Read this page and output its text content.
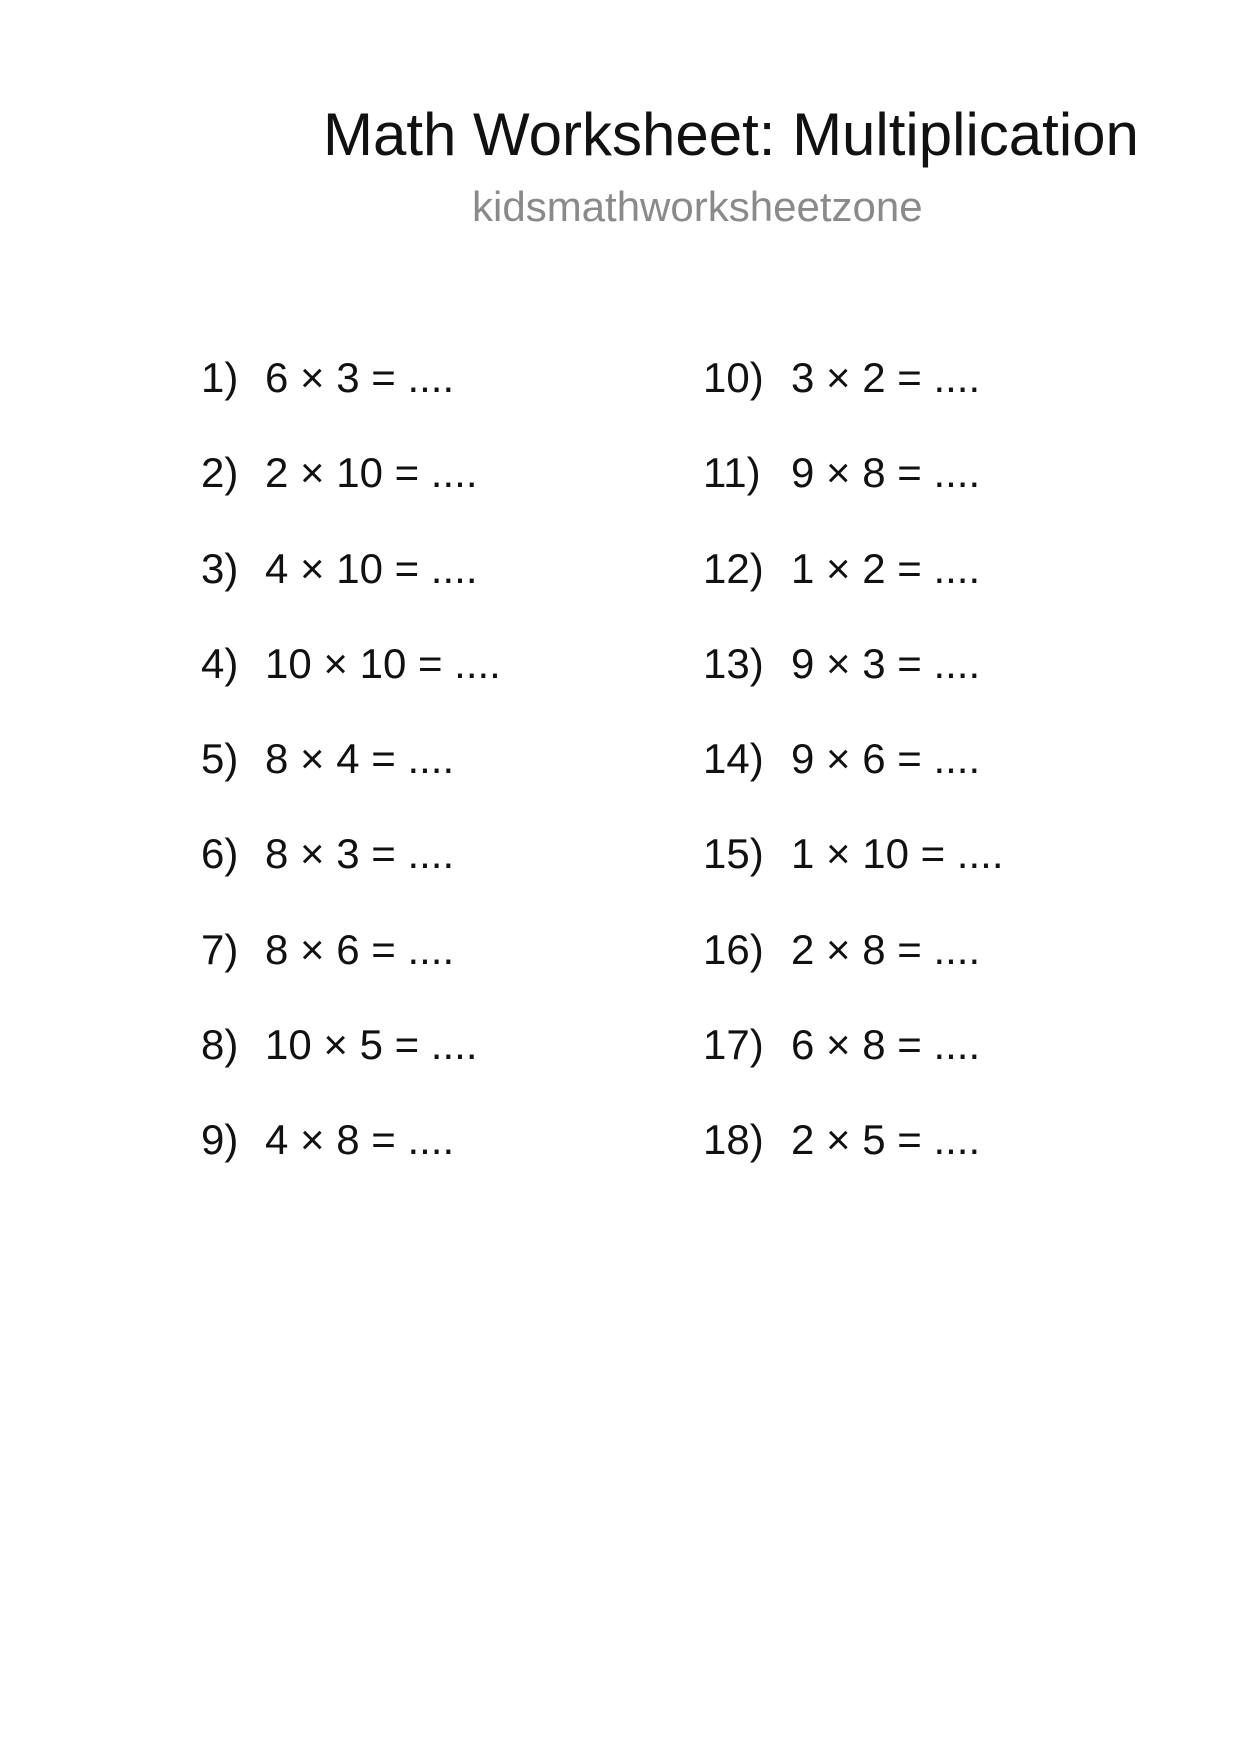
Math Worksheet: Multiplication

kidsmathworksheetzone

1) 6 × 3 = ....
2) 2 × 10 = ....
3) 4 × 10 = ....
4) 10 × 10 = ....
5) 8 × 4 = ....
6) 8 × 3 = ....
7) 8 × 6 = ....
8) 10 × 5 = ....
9) 4 × 8 = ....
10) 3 × 2 = ....
11) 9 × 8 = ....
12) 1 × 2 = ....
13) 9 × 3 = ....
14) 9 × 6 = ....
15) 1 × 10 = ....
16) 2 × 8 = ....
17) 6 × 8 = ....
18) 2 × 5 = ....
